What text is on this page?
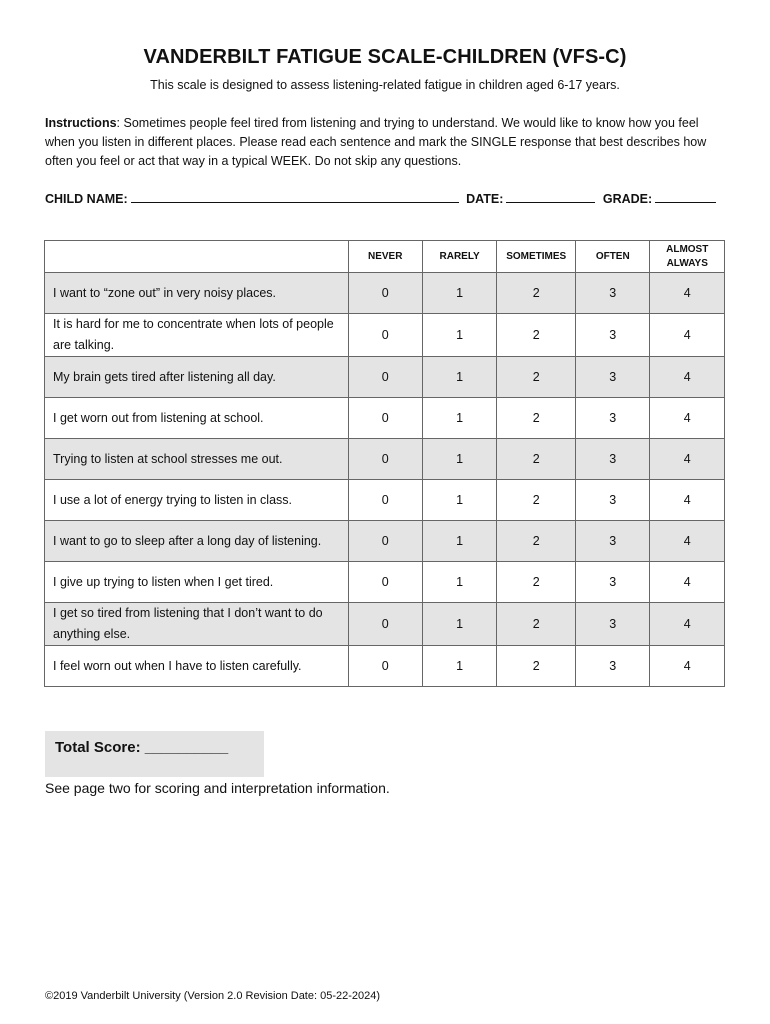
VANDERBILT FATIGUE SCALE-CHILDREN (VFS-C)
This scale is designed to assess listening-related fatigue in children aged 6-17 years.
Instructions: Sometimes people feel tired from listening and trying to understand. We would like to know how you feel when you listen in different places. Please read each sentence and mark the SINGLE response that best describes how often you feel or act that way in a typical WEEK. Do not skip any questions.
CHILD NAME:	DATE:	GRADE:
	NEVER	RARELY	SOMETIMES	OFTEN	ALMOST ALWAYS
I want to “zone out” in very noisy places.	0	1	2	3	4
It is hard for me to concentrate when lots of people are talking.	0	1	2	3	4
My brain gets tired after listening all day.	0	1	2	3	4
I get worn out from listening at school.	0	1	2	3	4
Trying to listen at school stresses me out.	0	1	2	3	4
I use a lot of energy trying to listen in class.	0	1	2	3	4
I want to go to sleep after a long day of listening.	0	1	2	3	4
I give up trying to listen when I get tired.	0	1	2	3	4
I get so tired from listening that I don’t want to do anything else.	0	1	2	3	4
I feel worn out when I have to listen carefully.	0	1	2	3	4
Total Score: __________
See page two for scoring and interpretation information.
©2019 Vanderbilt University (Version 2.0 Revision Date: 05-22-2024)
